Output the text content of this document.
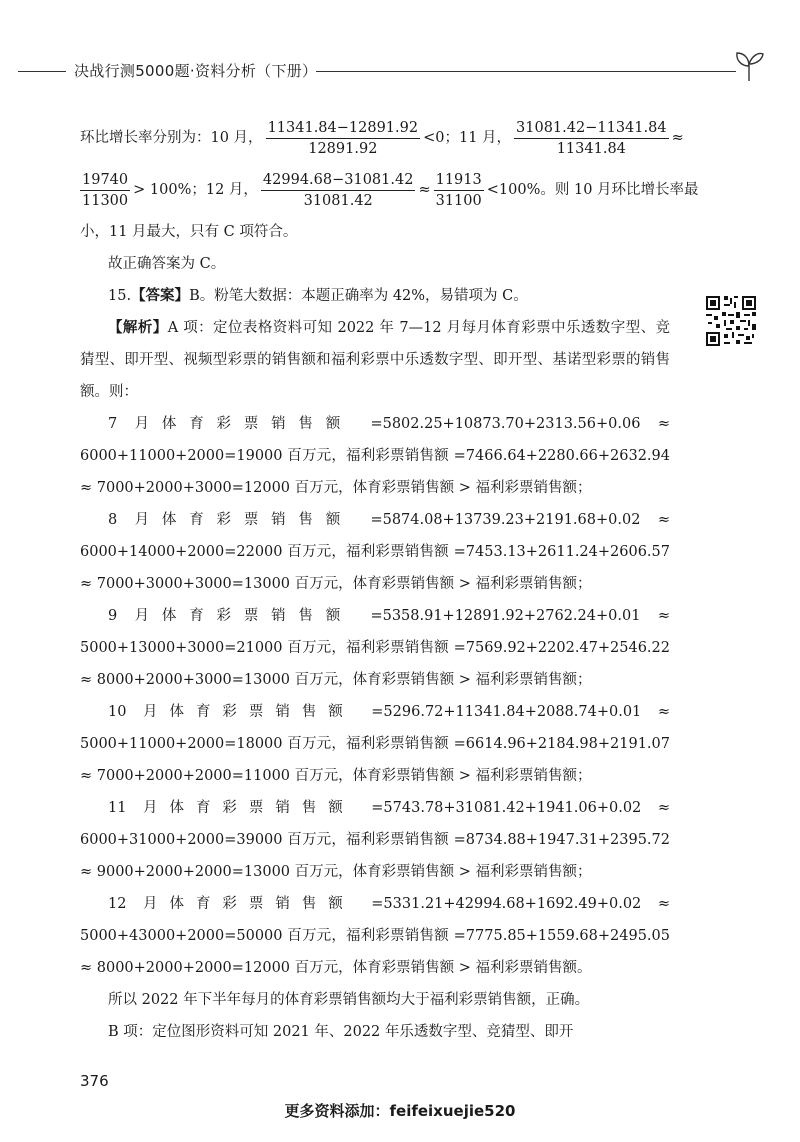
决战行测5000题·资料分析（下册）
环比增长率分别为：10 月， $\frac{11341.84-12891.92}{12891.92} <0$；11 月， $\frac{31081.42-11341.84}{11341.84}$ ≈
$\frac{19740}{11300} > 100\%$；12 月， $\frac{42994.68-31081.42}{31081.42} \approx \frac{11913}{31100} <100\%$。则 10 月环比增长率最

小，11 月最大，只有 C 项符合。

故正确答案为 C。

15.【答案】B。粉笔大数据：本题正确率为 42%，易错项为 C。

【解析】A 项：定位表格资料可知 2022 年 7—12 月每月体育彩票中乐透数字型、竞猜型、即开型、视频型彩票的销售额和福利彩票中乐透数字型、即开型、基诺型彩票的销售额。则：

7 月体育彩票销售额 =5802.25+10873.70+2313.56+0.06 ≈ 6000+11000+2000=19000 百万元，福利彩票销售额 =7466.64+2280.66+2632.94 ≈ 7000+2000+3000=12000 百万元，体育彩票销售额 > 福利彩票销售额；

8 月体育彩票销售额 =5874.08+13739.23+2191.68+0.02 ≈ 6000+14000+2000=22000 百万元，福利彩票销售额 =7453.13+2611.24+2606.57 ≈ 7000+3000+3000=13000 百万元，体育彩票销售额 > 福利彩票销售额；

9 月体育彩票销售额 =5358.91+12891.92+2762.24+0.01 ≈ 5000+13000+3000=21000 百万元，福利彩票销售额 =7569.92+2202.47+2546.22 ≈ 8000+2000+3000=13000 百万元，体育彩票销售额 > 福利彩票销售额；

10 月体育彩票销售额 =5296.72+11341.84+2088.74+0.01 ≈ 5000+11000+2000=18000 百万元，福利彩票销售额 =6614.96+2184.98+2191.07 ≈ 7000+2000+2000=11000 百万元，体育彩票销售额 > 福利彩票销售额；

11 月体育彩票销售额 =5743.78+31081.42+1941.06+0.02 ≈ 6000+31000+2000=39000 百万元，福利彩票销售额 =8734.88+1947.31+2395.72 ≈ 9000+2000+2000=13000 百万元，体育彩票销售额 > 福利彩票销售额；

12 月体育彩票销售额 =5331.21+42994.68+1692.49+0.02 ≈ 5000+43000+2000=50000 百万元，福利彩票销售额 =7775.85+1559.68+2495.05 ≈ 8000+2000+2000=12000 百万元，体育彩票销售额 > 福利彩票销售额。

所以 2022 年下半年每月的体育彩票销售额均大于福利彩票销售额，正确。

B 项：定位图形资料可知 2021 年、2022 年乐透数字型、竞猜型、即开

376
更多资料添加：feifeixuejie520
